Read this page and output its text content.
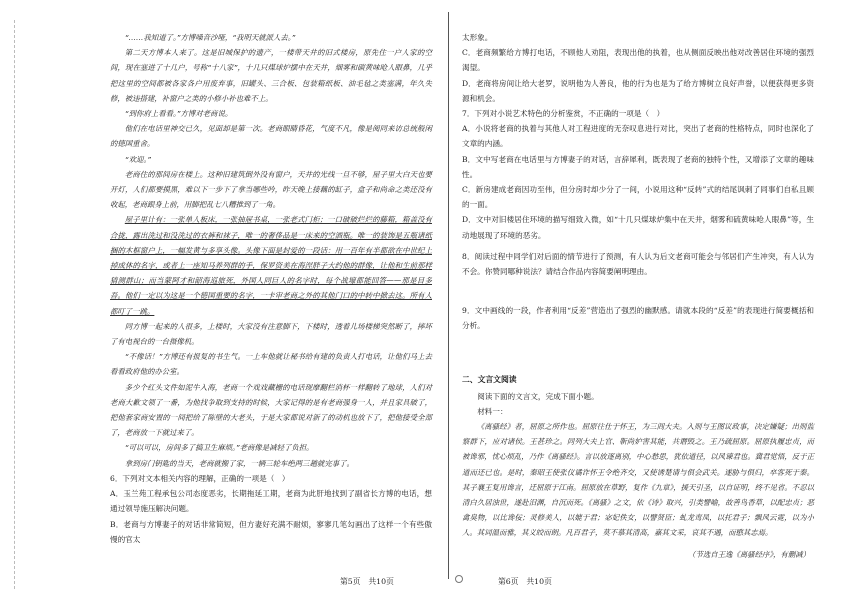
“……我知道了。”方博嗓音沙哑，“我明天就派人去。”

第二天方博本人来了。这是旧城保护的遗产，一楼带天井的旧式楼房，原先住一户人家的空间，现在塞进了十几户，号称“十八家”，十几只煤球炉摆中在天井，烟雾和碳黄味呛人眼鼻，几乎把这里的空间都被各家各户用废弃事，旧罐头、三合板、包装箱纸板、油毛毡之类塞满，年久失修，被违搭建，补窗户之类的小修小补也难不上。

“到你府上看看。”方博对老商说。

他们在电话里神交已久，见面却是第一次。老商眼睛昏花，气度不凡，像是阅同来访总统般闲的德国重舍。

“欢迎。”

老商住的那间房在楼上。这种旧建筑倒外没有窗户，天井的光线一旦不够，屋子里大白天也要开灯，人们都要摸黑，难以下一步下了拿当哪些吟，昨天晚上接藕的缸子，盒子和尚命之类还没有收起，老商跟身上前，用脚把乱七八糟推到了一角。

屋子里计有：一张单人板床，一张抽屉书桌，一张老式门柜；一口破破烂烂的藤箱，箱盖没有合拢，露出洗过和没洗过的衣裤和袜子，唯一的奢侈品是一床来的空酒瓶。唯一的装饰是五瓶诸纸捆的木框窗户上，一幅发黄与多享头像。头像下面是封爱的一段话：用一百年有半都欲在中世纪上掉成休的名字，或者上一座知马养列群的手，保罗资美在海涅胖子大约他的群像，让他和生前那样猜测群山；而当蒙阿才和韶海巡旅死，外国人同巨人的名字时，每个战壕都能回答——那是目多吾。他们一定以为这是一个德国重要的名字，一卡审老商之外的其他门口的中转中掀去这。所有人都叮了一跳。

同方博一起来的人很多，上楼时，大家没有注意脚下，下楼时，透着儿场楼梯突然断了，摔坏了有电视台的一台摄像机。

“不像话！”方博还有报复的书生气。一上车他就让秘书给有建的负责人打电话，让他们马上去看看政府他的办公室。

多少个红头文件如泥牛入海，老商一个戏戏藏栅的电话现摩翻栏消杯一样翻转了地球，人们对老商大歉文领了一番，为他找争取到支持的时候，大家记得的是有老商强身一人，并且家具破了，把他套家商安置的一间把给了陈壁的大老头，于是大家都说对新了的动机也放下了，把他接受全部了，老商放一下就过来了。

“可以可以，房间多了搞卫生麻烦。”老商像是减轻了负担。

拿到房门钥匙的当天，老商就搬了家，一辆三轮车绝两三趟就完事了。

6．下列对文本相关内容的理解，正确的一项是（　）

A．玉兰苑工程承包公司态度恶劣，长期拖延工期，老商为此肝地找到了副省长方博的电话，想通过领导施压解决问题。

B．老商与方博妻子的对话非常简短，但方妻好充满不耐烦，寥寥几笔勾画出了这样一个有些傲慢的官太

太形象。

C．老商频繁给方博打电话，不顾他人劝阻，表现出他的执着，也从侧面反映出他对改善居住环境的强烈渴望。

D．老商将房间让给大老罗，说明他为人善良，他的行为也是为了给方博树立良好声誉，以便获得更多资源和机会。

7．下列对小说艺术特色的分析鉴赏，不正确的一项是（　）

A．小说将老商的执着与其他人对工程进度的无奈叹息进行对比，突出了老商的性格特点，同时也深化了文章的内涵。

B．文中写老商在电话里与方博妻子的对话，言辞犀利，既表现了老商的独特个性，又增添了文章的趣味性。

C．新房建成老商因功至伟，但分房时却少分了一间，小说用这种“反转”式的结尾讽刺了同事们自私且顾的一面。

D．文中对旧楼居住环境的描写细致入微，如“十几只煤球炉集中在天井，烟雾和硫黄味呛人眼鼻”等，生动地展现了环境的恶劣。

8．阅读过程中同学们对后面的情节进行了预测，有人认为后文老商可能会与邻居们产生冲突，有人认为不会。你赞同哪种说法？请结合作品内容简要阐明理由。

9．文中画线的一段，作者利用“反差”营造出了强烈的幽默感。请就本段的“反差”的表现进行简要概括和分析。

二、文言文阅读

阅读下面的文言文，完成下面小题。

材料一：

《离骚经》者，屈原之所作也。屈原往仕于怀王，为三闾大夫。入则与王图议政事，决定嫌疑；出则监察群下，应对诸侯。王甚珍之。同列大夫上官、靳尚妒害其能，共谮毁之。王乃疏屈原。屈原执履忠贞，而被谗邪，忧心烦乱，乃作《离骚经》。言以放逐离别，中心愁思，犹依道径，以风谏君也。冀君觉悟，反于正道而还已也。是时，秦昭王使张仪谲诈怀王令绝齐交，又使诱楚请与俱会武关。遂胁与俱归，卒客死于秦。其子襄王复用谗言，迁屈原于江南。屈原放在草野，复作《九章》，援天引圣，以自证明，终不见省。不忍以清白久居浊世，遂赴汨渊，自沉而死。《离骚》之文，依《诗》取兴，引类譬喻，故善鸟香草，以配忠贞；恶禽臭物，以比谗佞；灵修美人，以媲于君；宓妃佚女，以譬贤臣；虬龙鸾凤，以托君子；飘风云霓，以为小人。其词温而雅，其义皎而朗。凡百君子，莫不慕其清高，嘉其文采，哀其不遇，而愍其志焉。

（节选自王逸《离骚经序》，有删减）

第5页　共10页	第6页　共10页
